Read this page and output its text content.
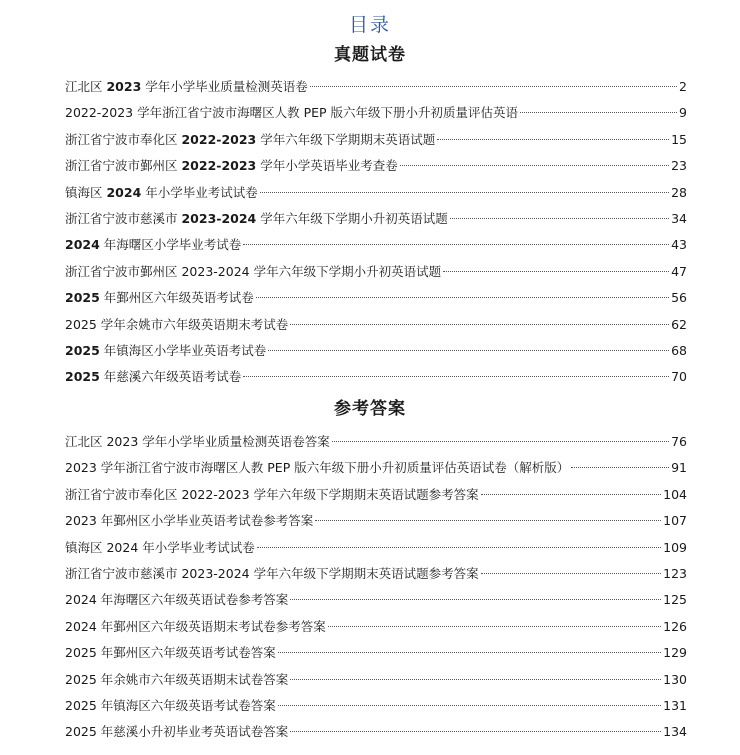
目录
真题试卷
江北区 2023 学年小学毕业质量检测英语卷	2
2022-2023 学年浙江省宁波市海曙区人教 PEP 版六年级下册小升初质量评估英语	9
浙江省宁波市奉化区 2022-2023 学年六年级下学期期末英语试题	15
浙江省宁波市鄞州区 2022-2023 学年小学英语毕业考查卷	23
镇海区 2024 年小学毕业考试试卷	28
浙江省宁波市慈溪市 2023-2024 学年六年级下学期小升初英语试题	34
2024 年海曙区小学毕业考试卷	43
浙江省宁波市鄞州区 2023-2024 学年六年级下学期小升初英语试题	47
2025 年鄞州区六年级英语考试卷	56
2025 学年余姚市六年级英语期末考试卷	62
2025 年镇海区小学毕业英语考试卷	68
2025 年慈溪六年级英语考试卷	70
参考答案
江北区 2023 学年小学毕业质量检测英语卷答案	76
2023 学年浙江省宁波市海曙区人教 PEP 版六年级下册小升初质量评估英语试卷（解析版）	91
浙江省宁波市奉化区 2022-2023 学年六年级下学期期末英语试题参考答案	104
2023 年鄞州区小学毕业英语考试卷参考答案	107
镇海区 2024 年小学毕业考试试卷	109
浙江省宁波市慈溪市 2023-2024 学年六年级下学期期末英语试题参考答案	123
2024 年海曙区六年级英语试卷参考答案	125
2024 年鄞州区六年级英语期末考试卷参考答案	126
2025 年鄞州区六年级英语考试卷答案	129
2025 年余姚市六年级英语期末试卷答案	130
2025 年镇海区六年级英语考试卷答案	131
2025 年慈溪小升初毕业考英语试卷答案	134
